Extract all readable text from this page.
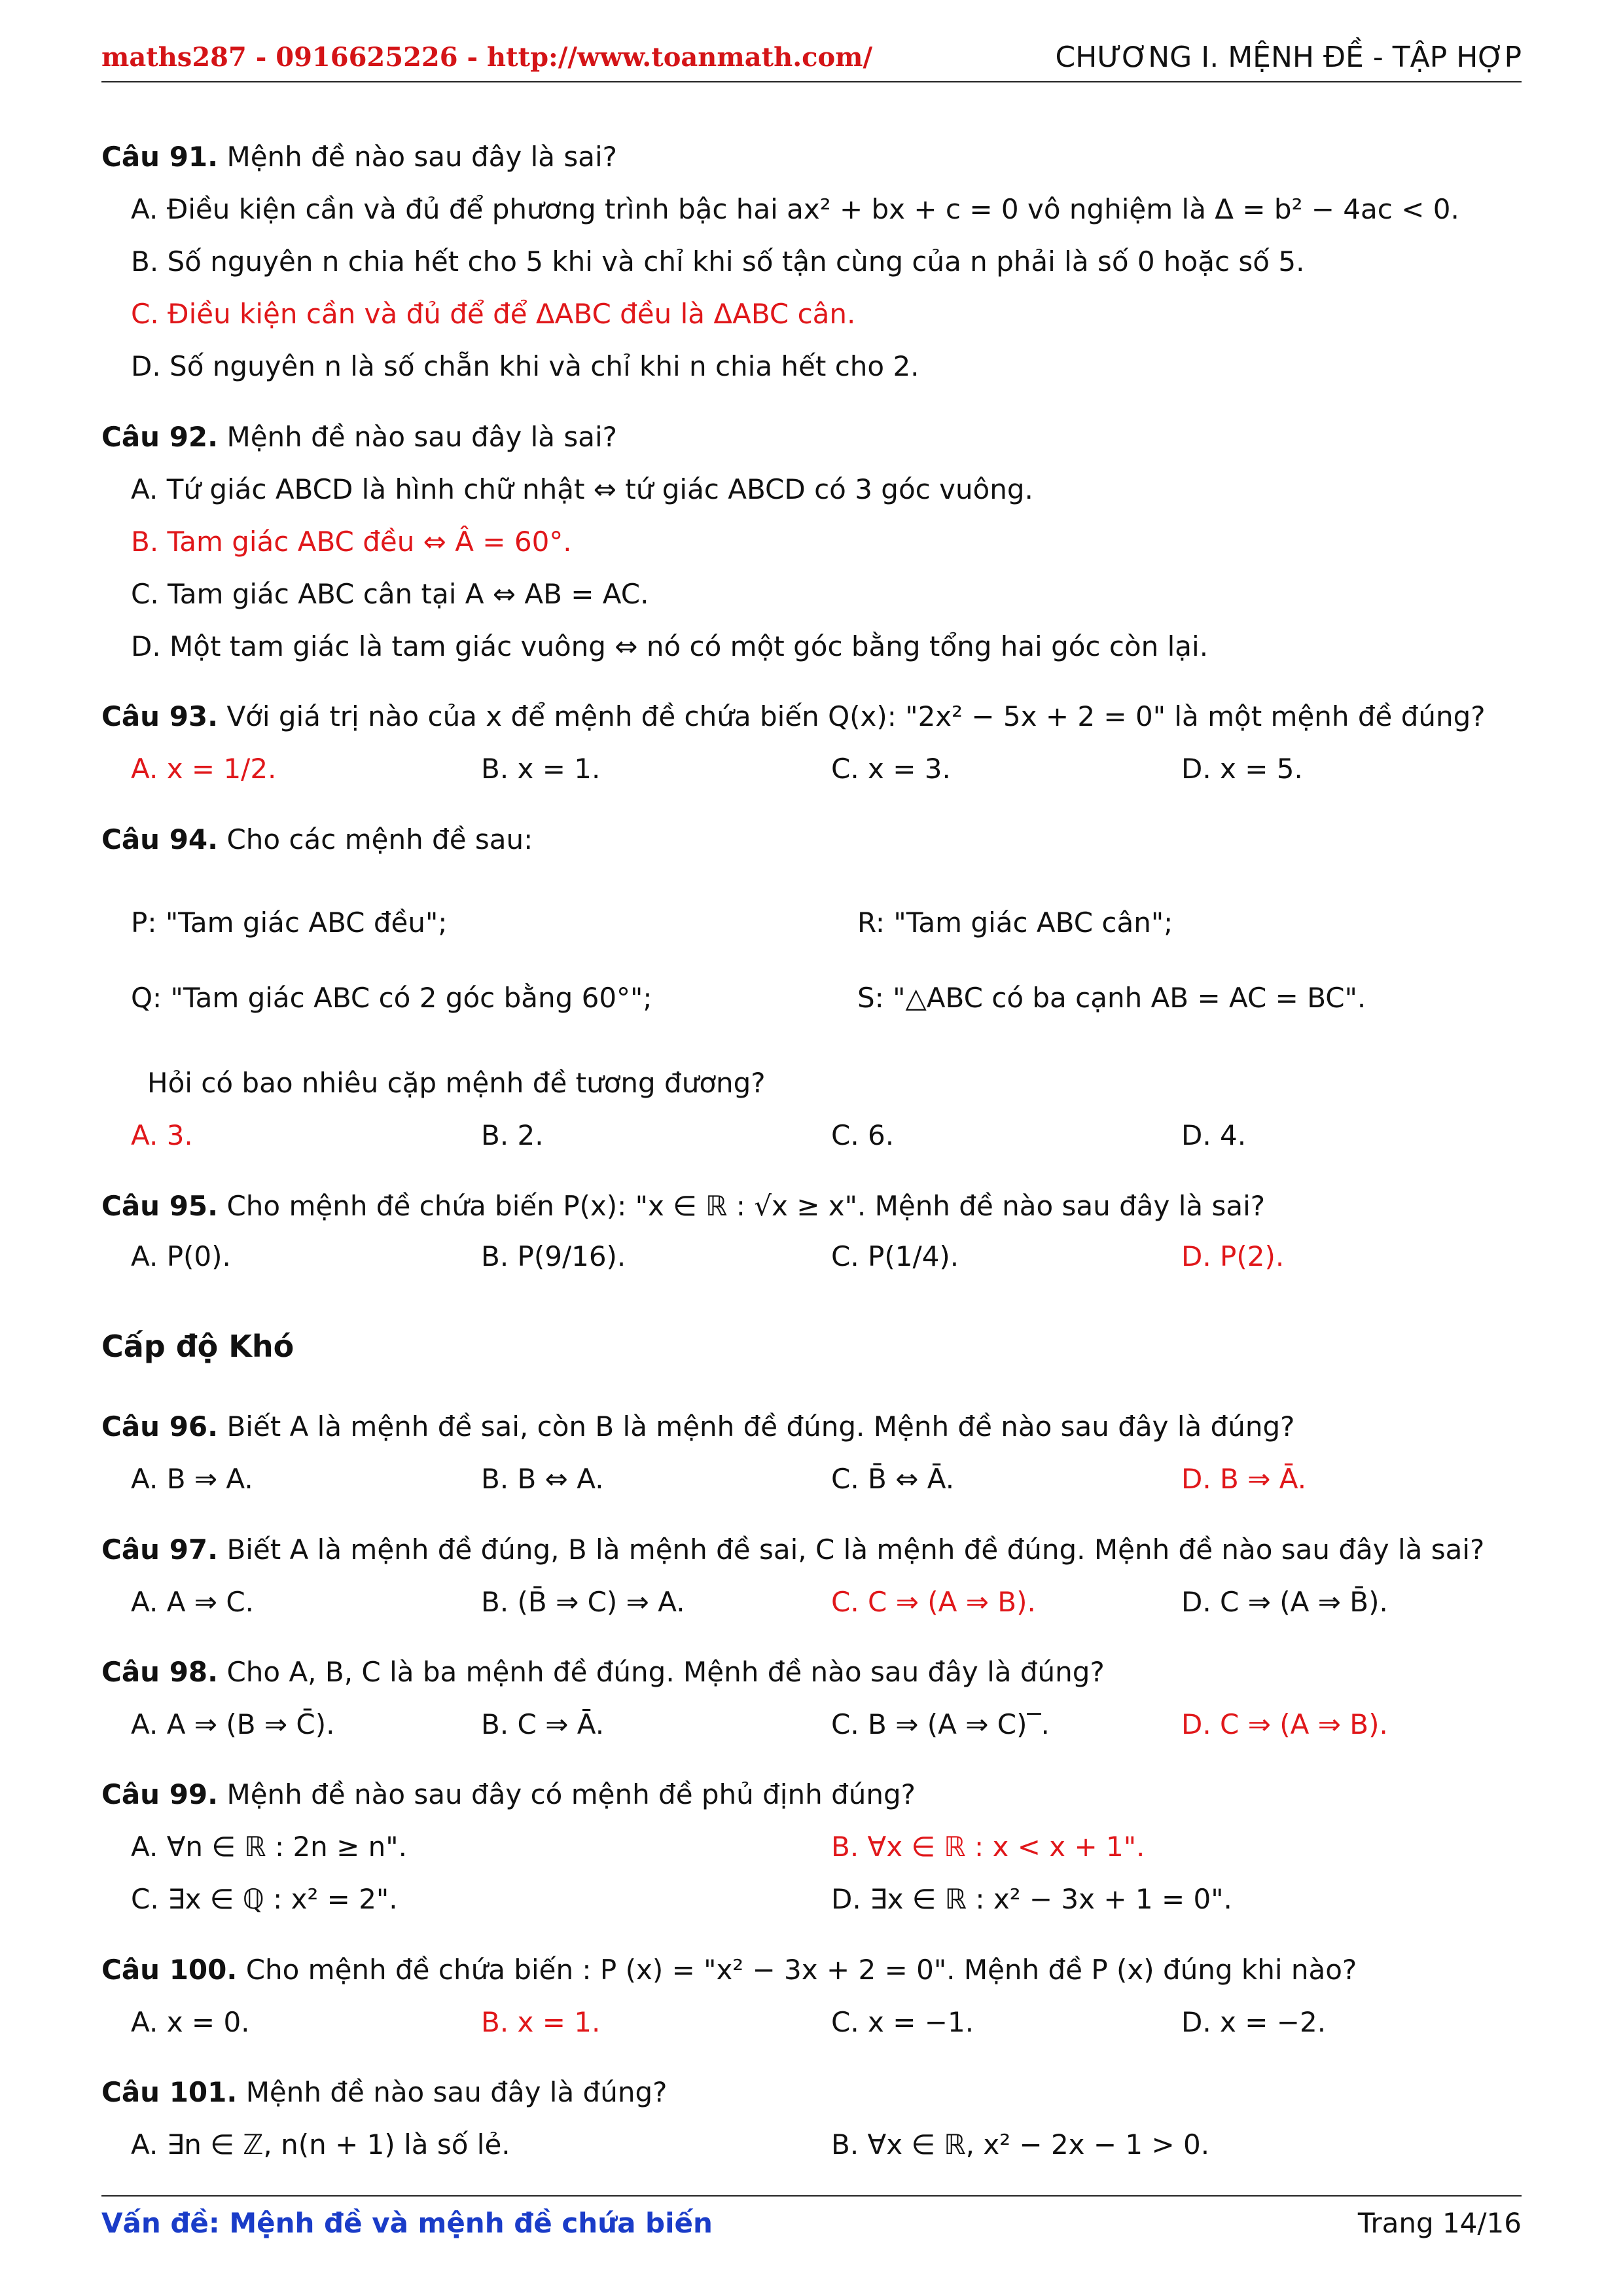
maths287 - 0916625226 - http://www.toanmath.com/	CHƯƠNG I. MỆNH ĐỀ - TẬP HỢP
Câu 91. Mệnh đề nào sau đây là sai?
A. Điều kiện cần và đủ để phương trình bậc hai ax² + bx + c = 0 vô nghiệm là Δ = b² − 4ac < 0.
B. Số nguyên n chia hết cho 5 khi và chỉ khi số tận cùng của n phải là số 0 hoặc số 5.
C. Điều kiện cần và đủ để để ΔABC đều là ΔABC cân.
D. Số nguyên n là số chẵn khi và chỉ khi n chia hết cho 2.
Câu 92. Mệnh đề nào sau đây là sai?
A. Tứ giác ABCD là hình chữ nhật ⇔ tứ giác ABCD có 3 góc vuông.
B. Tam giác ABC đều ⇔ Â = 60°.
C. Tam giác ABC cân tại A ⇔ AB = AC.
D. Một tam giác là tam giác vuông ⇔ nó có một góc bằng tổng hai góc còn lại.
Câu 93. Với giá trị nào của x để mệnh đề chứa biến Q(x): "2x² − 5x + 2 = 0" là một mệnh đề đúng?
A. x = 1/2.	B. x = 1.	C. x = 3.	D. x = 5.
Câu 94. Cho các mệnh đề sau:
P: "Tam giác ABC đều";	R: "Tam giác ABC cân";
Q: "Tam giác ABC có 2 góc bằng 60°";	S: "△ABC có ba cạnh AB = AC = BC".
Hỏi có bao nhiêu cặp mệnh đề tương đương?
A. 3.	B. 2.	C. 6.	D. 4.
Câu 95. Cho mệnh đề chứa biến P(x): "x ∈ ℝ : √x ≥ x". Mệnh đề nào sau đây là sai?
A. P(0).	B. P(9/16).	C. P(1/4).	D. P(2).
Cấp độ Khó
Câu 96. Biết A là mệnh đề sai, còn B là mệnh đề đúng. Mệnh đề nào sau đây là đúng?
A. B ⇒ A.	B. B ⇔ A.	C. B̄ ⇔ Ā.	D. B ⇒ Ā.
Câu 97. Biết A là mệnh đề đúng, B là mệnh đề sai, C là mệnh đề đúng. Mệnh đề nào sau đây là sai?
A. A ⇒ C.	B. (B̄ ⇒ C) ⇒ A.	C. C ⇒ (A ⇒ B).	D. C ⇒ (A ⇒ B̄).
Câu 98. Cho A, B, C là ba mệnh đề đúng. Mệnh đề nào sau đây là đúng?
A. A ⇒ (B ⇒ C̄).	B. C ⇒ Ā.	C. B ⇒ (A ⇒ C)‾.	D. C ⇒ (A ⇒ B).
Câu 99. Mệnh đề nào sau đây có mệnh đề phủ định đúng?
A. ∀n ∈ ℝ : 2n ≥ n".	B. ∀x ∈ ℝ : x < x + 1".
C. ∃x ∈ ℚ : x² = 2".	D. ∃x ∈ ℝ : x² − 3x + 1 = 0".
Câu 100. Cho mệnh đề chứa biến : P (x) = "x² − 3x + 2 = 0". Mệnh đề P (x) đúng khi nào?
A. x = 0.	B. x = 1.	C. x = −1.	D. x = −2.
Câu 101. Mệnh đề nào sau đây là đúng?
A. ∃n ∈ ℤ, n(n + 1) là số lẻ.	B. ∀x ∈ ℝ, x² − 2x − 1 > 0.
Vấn đề: Mệnh đề và mệnh đề chứa biến	Trang 14/16
